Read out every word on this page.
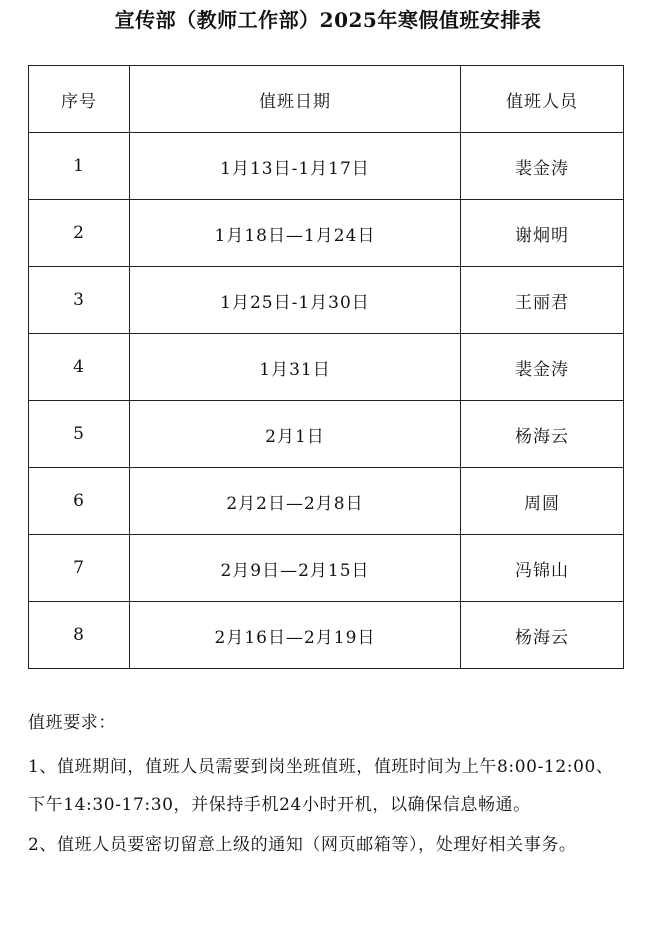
宣传部（教师工作部）2025年寒假值班安排表
序号	值班日期	值班人员
1	1月13日-1月17日	裴金涛
2	1月18日—1月24日	谢炯明
3	1月25日-1月30日	王丽君
4	1月31日	裴金涛
5	2月1日	杨海云
6	2月2日—2月8日	周圆
7	2月9日—2月15日	冯锦山
8	2月16日—2月19日	杨海云

值班要求：

1、值班期间，值班人员需要到岗坐班值班，值班时间为上午8:00-12:00、下午14:30-17:30，并保持手机24小时开机，以确保信息畅通。

2、值班人员要密切留意上级的通知（网页邮箱等），处理好相关事务。
